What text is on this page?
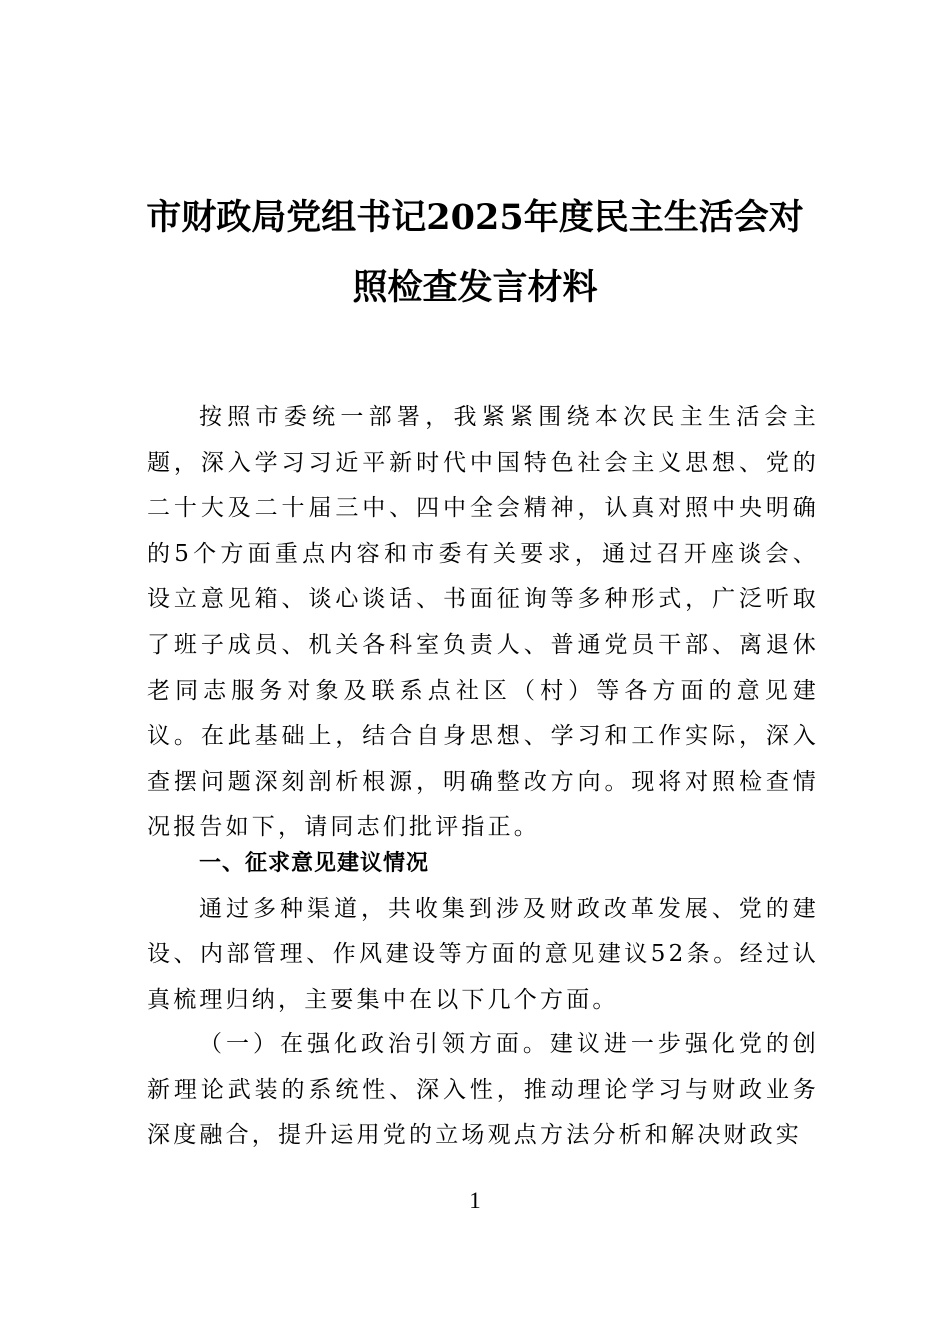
市财政局党组书记2025年度民主生活会对
照检查发言材料

按照市委统一部署，我紧紧围绕本次民主生活会主题，深入学习习近平新时代中国特色社会主义思想、党的二十大及二十届三中、四中全会精神，认真对照中央明确的5个方面重点内容和市委有关要求，通过召开座谈会、设立意见箱、谈心谈话、书面征询等多种形式，广泛听取了班子成员、机关各科室负责人、普通党员干部、离退休老同志服务对象及联系点社区（村）等各方面的意见建议。在此基础上，结合自身思想、学习和工作实际，深入查摆问题深刻剖析根源，明确整改方向。现将对照检查情况报告如下，请同志们批评指正。

一、征求意见建议情况

通过多种渠道，共收集到涉及财政改革发展、党的建设、内部管理、作风建设等方面的意见建议52条。经过认真梳理归纳，主要集中在以下几个方面。

（一）在强化政治引领方面。建议进一步强化党的创新理论武装的系统性、深入性，推动理论学习与财政业务深度融合，提升运用党的立场观点方法分析和解决财政实

1
